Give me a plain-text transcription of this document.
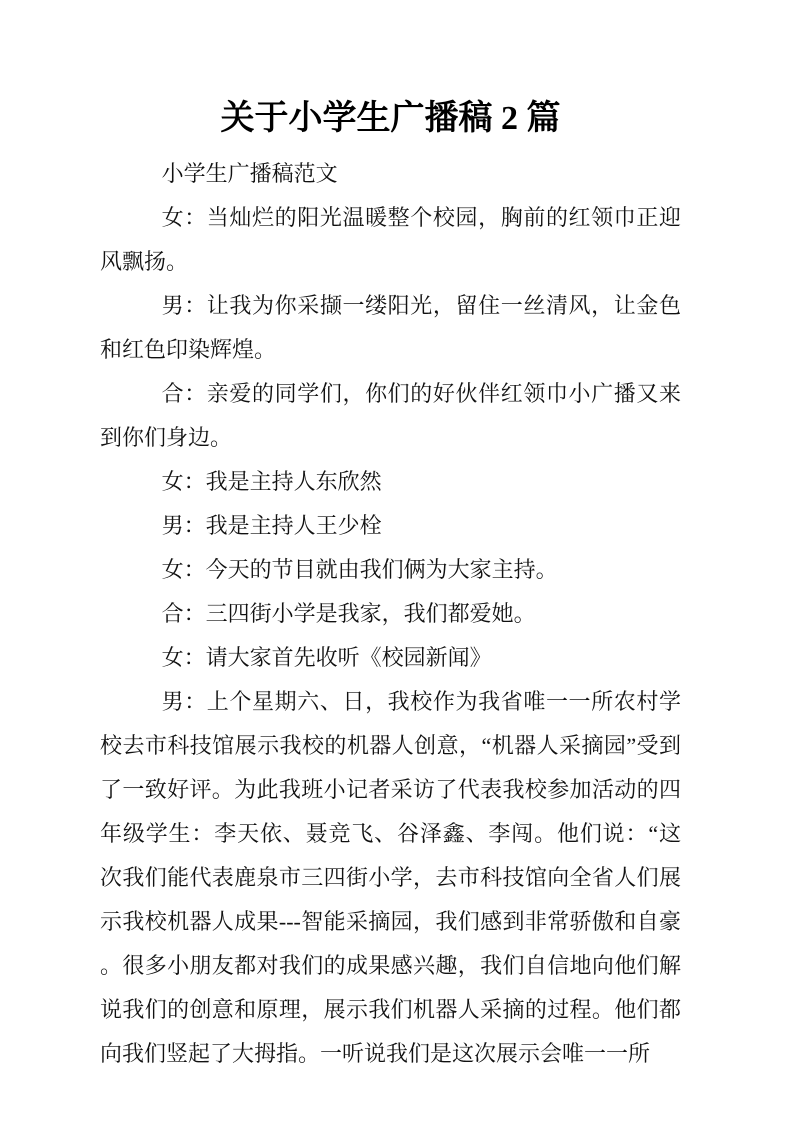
关于小学生广播稿 2 篇

小学生广播稿范文

女：当灿烂的阳光温暖整个校园，胸前的红领巾正迎风飘扬。

男：让我为你采撷一缕阳光，留住一丝清风，让金色和红色印染辉煌。

合：亲爱的同学们，你们的好伙伴红领巾小广播又来到你们身边。

女：我是主持人东欣然

男：我是主持人王少栓

女：今天的节目就由我们俩为大家主持。

合：三四街小学是我家，我们都爱她。

女：请大家首先收听《校园新闻》

男：上个星期六、日，我校作为我省唯一一所农村学校去市科技馆展示我校的机器人创意，“机器人采摘园”受到了一致好评。为此我班小记者采访了代表我校参加活动的四年级学生：李天依、聂竞飞、谷泽鑫、李闯。他们说：“这次我们能代表鹿泉市三四街小学，去市科技馆向全省人们展示我校机器人成果---智能采摘园，我们感到非常骄傲和自豪。很多小朋友都对我们的成果感兴趣，我们自信地向他们解说我们的创意和原理，展示我们机器人采摘的过程。他们都向我们竖起了大拇指。一听说我们是这次展示会唯一一所
